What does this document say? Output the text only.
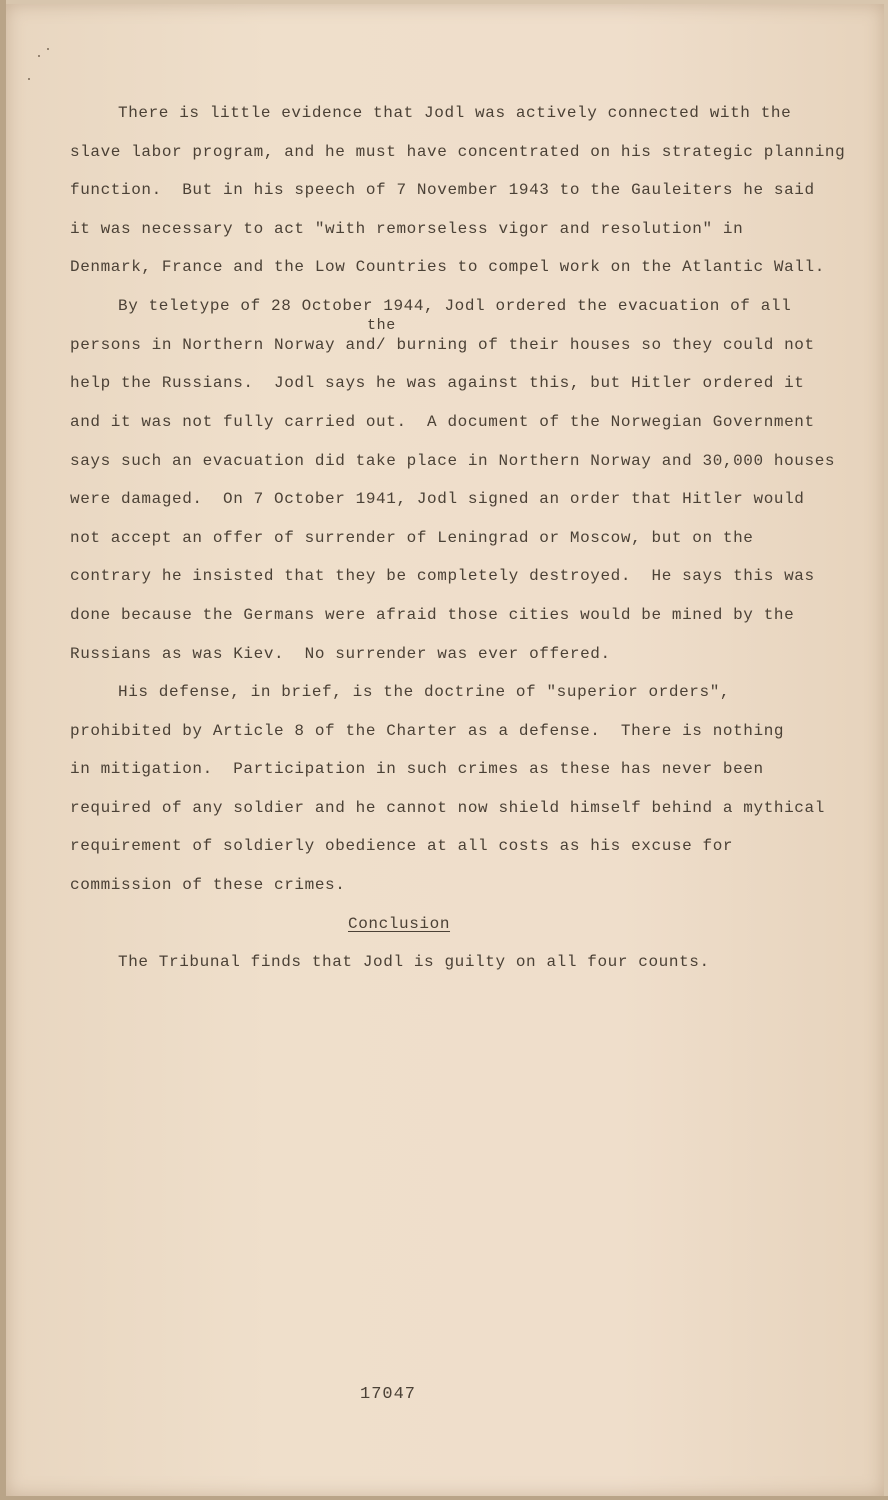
There is little evidence that Jodl was actively connected with the
slave labor program, and he must have concentrated on his strategic planning
function.  But in his speech of 7 November 1943 to the Gauleiters he said
it was necessary to act "with remorseless vigor and resolution" in
Denmark, France and the Low Countries to compel work on the Atlantic Wall.
By teletype of 28 October 1944, Jodl ordered the evacuation of all
the
persons in Northern Norway and/ burning of their houses so they could not
help the Russians.  Jodl says he was against this, but Hitler ordered it
and it was not fully carried out.  A document of the Norwegian Government
says such an evacuation did take place in Northern Norway and 30,000 houses
were damaged.  On 7 October 1941, Jodl signed an order that Hitler would
not accept an offer of surrender of Leningrad or Moscow, but on the
contrary he insisted that they be completely destroyed.  He says this was
done because the Germans were afraid those cities would be mined by the
Russians as was Kiev.  No surrender was ever offered.
His defense, in brief, is the doctrine of "superior orders",
prohibited by Article 8 of the Charter as a defense.  There is nothing
in mitigation.  Participation in such crimes as these has never been
required of any soldier and he cannot now shield himself behind a mythical
requirement of soldierly obedience at all costs as his excuse for
commission of these crimes.
Conclusion
The Tribunal finds that Jodl is guilty on all four counts.
17047
